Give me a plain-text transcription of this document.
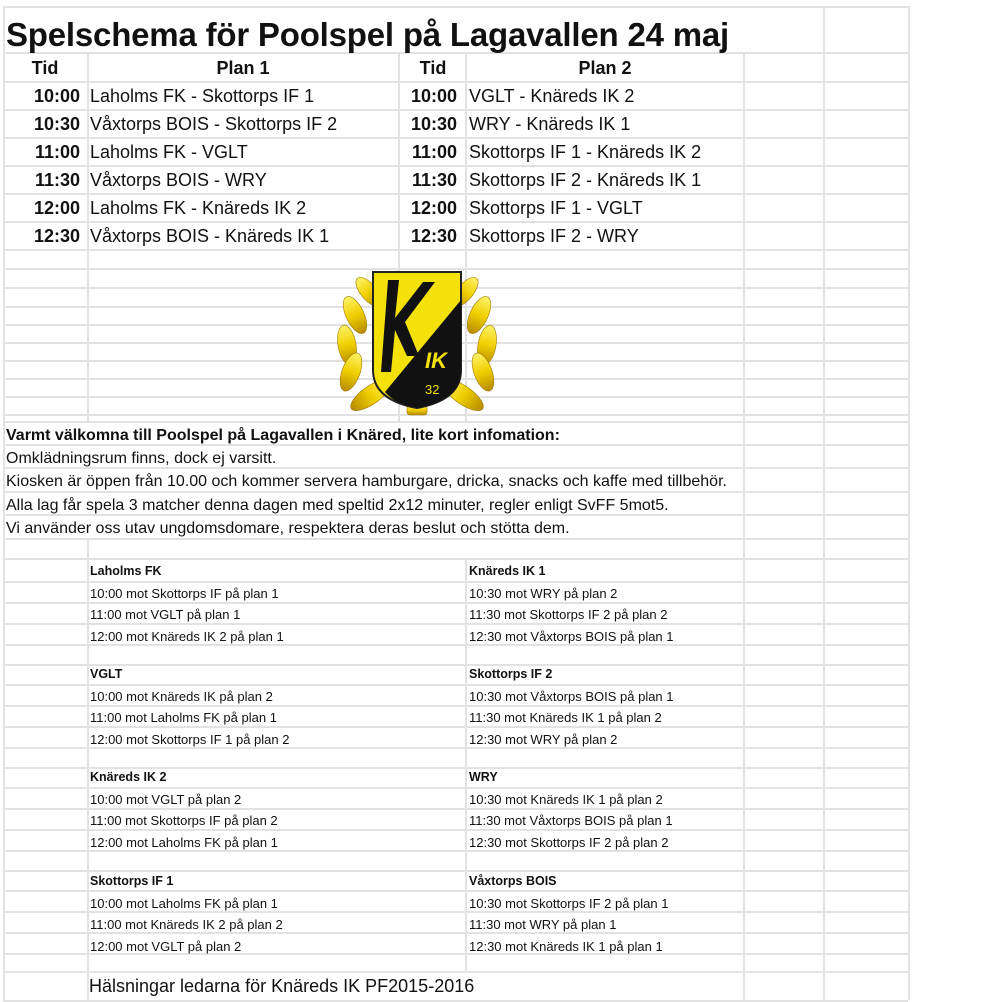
Spelschema för Poolspel på Lagavallen 24 maj
Tid	Plan 1	Tid	Plan 2
10:00 Laholms FK - Skottorps IF 1	10:00 VGLT - Knäreds IK 2
10:30 Våxtorps BOIS - Skottorps IF 2	10:30 WRY - Knäreds IK 1
11:00 Laholms FK - VGLT	11:00 Skottorps IF 1 - Knäreds IK 2
11:30 Våxtorps BOIS - WRY	11:30 Skottorps IF 2 - Knäreds IK 1
12:00 Laholms FK - Knäreds IK 2	12:00 Skottorps IF 1 - VGLT
12:30 Våxtorps BOIS - Knäreds IK 1	12:30 Skottorps IF 2 - WRY
IK
19 32
Varmt välkomna till Poolspel på Lagavallen i Knäred, lite kort infomation:
Omklädningsrum finns, dock ej varsitt.
Kiosken är öppen från 10.00 och kommer servera hamburgare, dricka, snacks och kaffe med tillbehör.
Alla lag får spela 3 matcher denna dagen med speltid 2x12 minuter, regler enligt SvFF 5mot5.
Vi använder oss utav ungdomsdomare, respektera deras beslut och stötta dem.
Laholms FK
10:00 mot Skottorps IF på plan 1
11:00 mot VGLT på plan 1
12:00 mot Knäreds IK 2 på plan 1
Knäreds IK 1
10:30 mot WRY på plan 2
11:30 mot Skottorps IF 2 på plan 2
12:30 mot Våxtorps BOIS på plan 1
VGLT
10:00 mot Knäreds IK på plan 2
11:00 mot Laholms FK på plan 1
12:00 mot Skottorps IF 1 på plan 2
Skottorps IF 2
10:30 mot Våxtorps BOIS på plan 1
11:30 mot Knäreds IK 1 på plan 2
12:30 mot WRY på plan 2
Knäreds IK 2
10:00 mot VGLT på plan 2
11:00 mot Skottorps IF på plan 2
12:00 mot Laholms FK på plan 1
WRY
10:30 mot Knäreds IK 1 på plan 2
11:30 mot Våxtorps BOIS på plan 1
12:30 mot Skottorps IF 2 på plan 2
Skottorps IF 1
10:00 mot Laholms FK på plan 1
11:00 mot Knäreds IK 2 på plan 2
12:00 mot VGLT på plan 2
Våxtorps BOIS
10:30 mot Skottorps IF 2 på plan 1
11:30 mot WRY på plan 1
12:30 mot Knäreds IK 1 på plan 1
Hälsningar ledarna för Knäreds IK PF2015-2016
